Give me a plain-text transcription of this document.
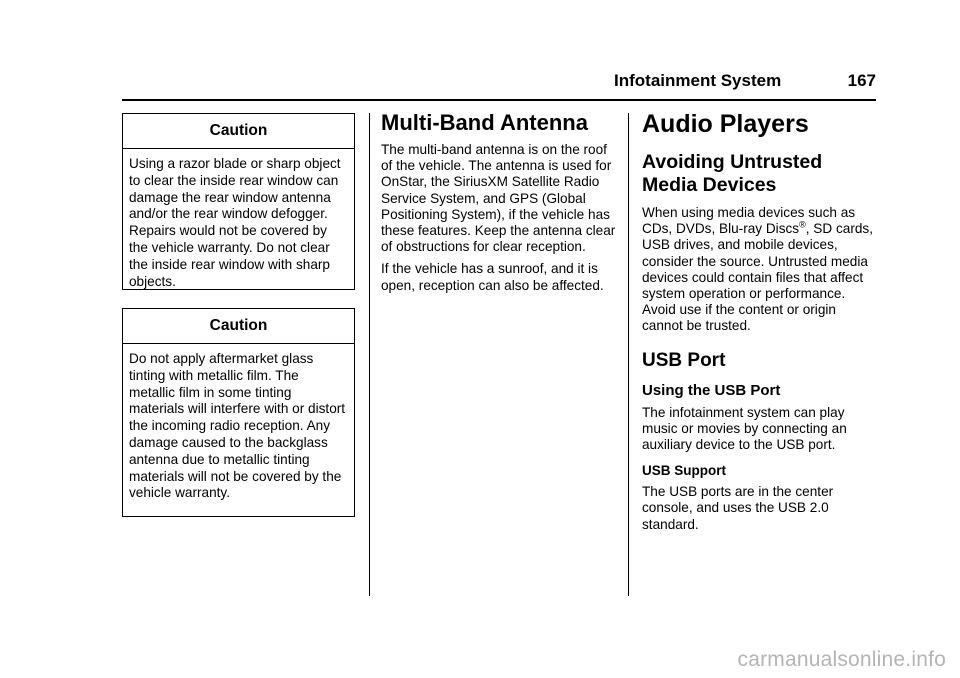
Infotainment System	167
Caution
Using a razor blade or sharp object to clear the inside rear window can damage the rear window antenna and/or the rear window defogger. Repairs would not be covered by the vehicle warranty. Do not clear the inside rear window with sharp objects.
Caution
Do not apply aftermarket glass tinting with metallic film. The metallic film in some tinting materials will interfere with or distort the incoming radio reception. Any damage caused to the backglass antenna due to metallic tinting materials will not be covered by the vehicle warranty.
Multi-Band Antenna

The multi-band antenna is on the roof of the vehicle. The antenna is used for OnStar, the SiriusXM Satellite Radio Service System, and GPS (Global Positioning System), if the vehicle has these features. Keep the antenna clear of obstructions for clear reception.

If the vehicle has a sunroof, and it is open, reception can also be affected.

Audio Players
Avoiding Untrusted Media Devices

When using media devices such as CDs, DVDs, Blu-ray Discs®, SD cards, USB drives, and mobile devices, consider the source. Untrusted media devices could contain files that affect system operation or performance. Avoid use if the content or origin cannot be trusted.

USB Port
Using the USB Port

The infotainment system can play music or movies by connecting an auxiliary device to the USB port.

USB Support

The USB ports are in the center console, and uses the USB 2.0 standard.

carmanualsonline.info
